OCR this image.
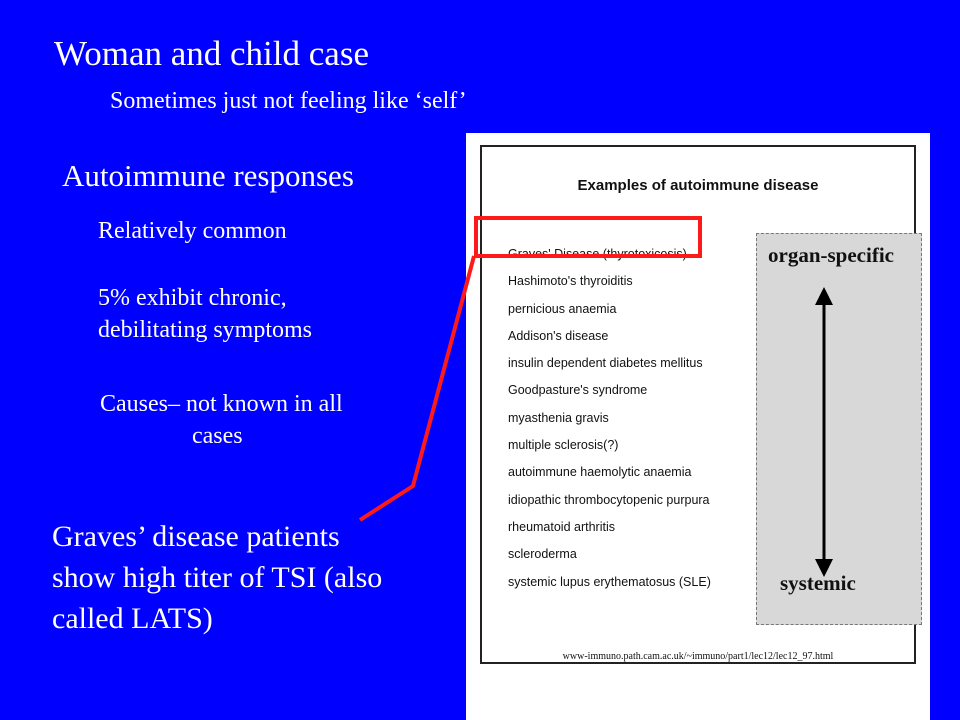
Woman and child case
Sometimes just not feeling like ‘self’
Autoimmune responses
Relatively common
5% exhibit chronic,
debilitating symptoms
Causes– not known in all
cases
Graves’ disease patients
show high titer of TSI (also
called LATS)
Examples of autoimmune disease
Graves' Disease (thyrotoxicosis)
Hashimoto's thyroiditis
pernicious anaemia
Addison's disease
insulin dependent diabetes mellitus
Goodpasture's syndrome
myasthenia gravis
multiple sclerosis(?)
autoimmune haemolytic anaemia
idiopathic thrombocytopenic purpura
rheumatoid arthritis
scleroderma
systemic lupus erythematosus (SLE)
organ-specific
systemic
www-immuno.path.cam.ac.uk/~immuno/part1/lec12/lec12_97.html
